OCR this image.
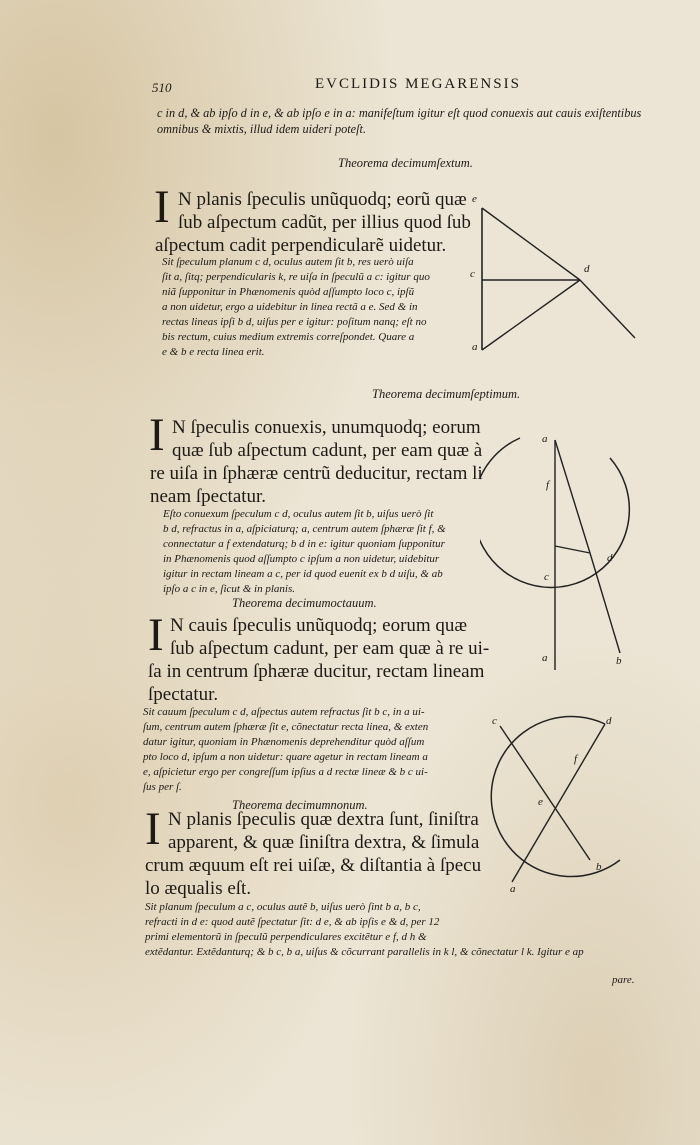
510	EVCLIDIS MEGARENSIS
c in d, & ab ipſo d in e, & ab ipſo e in a: manifeſtum igitur eſt quod conuexis aut cauis exiſtentibus
omnibus & mixtis, illud idem uideri poteſt.
Theorema decimumſextum.
I N planis ſpeculis unũquodq; eorũ quæ
ſub aſpectum cadũt, per illius quod ſub
aſpectum cadit perpendicularẽ uidetur.
Sit ſpeculum planum c d, oculus autem ſit b, res uerò uiſa
ſit a, ſitq; perpendicularis k, re uiſa in ſpeculũ a c: igitur quo
niã ſupponitur in Phænomenis quòd aſſumpto loco c, ipſũ
a non uidetur, ergo a uidebitur in linea rectã a e. Sed & in
rectas lineas ipſi b d, uiſus per e igitur: poſitum nanq; eſt no
bis rectum, cuius medium extremis correſpondet. Quare a
e & b e recta linea erit.
e
c	d
a
Theorema decimumſeptimum.
I N ſpeculis conuexis, unumquodq; eorum
quæ ſub aſpectum cadunt, per eam quæ à
re uiſa in ſphæræ centrũ deducitur, rectam li
neam ſpectatur.
Eſto conuexum ſpeculum c d, oculus autem ſit b, uiſus uerò ſit
b d, refractus in a, aſpiciaturq; a, centrum autem ſphæræ ſit f, &
connectatur a f extendaturq; b d in e: igitur quoniam ſupponitur
in Phænomenis quod aſſumpto c ipſum a non uidetur, uidebitur
igitur in rectam lineam a c, per id quod euenit ex b d uiſu, & ab
ipſo a c in e, ſicut & in planis.
a
f
d
c
a	b
Theorema decimumoctauum.
I N cauis ſpeculis unũquodq; eorum quæ
ſub aſpectum cadunt, per eam quæ à re ui-
ſa in centrum ſphæræ ducitur, rectam lineam
ſpectatur.
Sit cauum ſpeculum c d, aſpectus autem refractus ſit b c, in a ui-
ſum, centrum autem ſphæræ ſit e, cõnectatur recta linea, & exten
datur igitur, quoniam in Phænomenis deprehenditur quòd aſſum
pto loco d, ipſum a non uidetur: quare agetur in rectam lineam a
e, aſpicietur ergo per congreſſum ipſius a d rectæ lineæ & b c ui-
ſus per ſ.
c	d
f
e
b
a
Theorema decimumnonum.
I N planis ſpeculis quæ dextra ſunt, ſiniſtra
apparent, & quæ ſiniſtra dextra, & ſimula
crum æquum eſt rei uiſæ, & diſtantia à ſpecu
lo æqualis eſt.
Sit planum ſpeculum a c, oculus autẽ b, uiſus uerò ſint b a, b c,
refracti in d e: quod autẽ ſpectatur ſit: d e, & ab ipſis e & d, per 12
primi elementorũ in ſpeculũ perpendiculares excitẽtur e f, d h &
extẽdantur. Extẽdanturq; & b c, b a, uiſus & cõcurrant parallelis in k l, & cõnectatur l k. Igitur e ap
pare.
